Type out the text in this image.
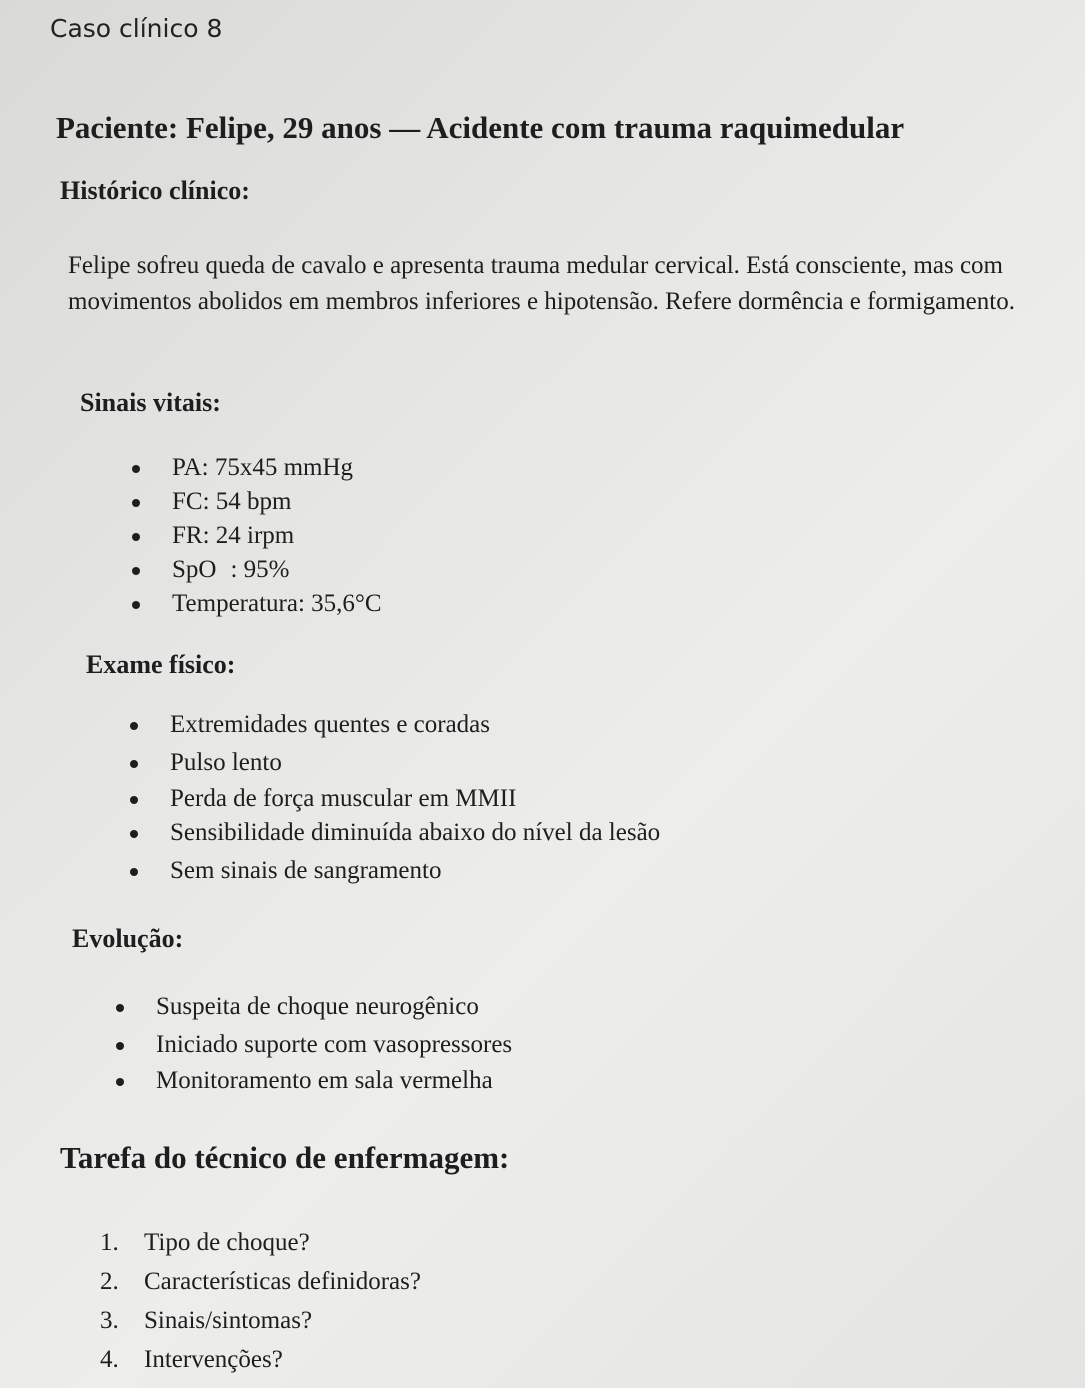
Caso clínico 8
Paciente: Felipe, 29 anos — Acidente com trauma raquimedular
Histórico clínico:
Felipe sofreu queda de cavalo e apresenta trauma medular cervical. Está consciente, mas com movimentos abolidos em membros inferiores e hipotensão. Refere dormência e formigamento.
Sinais vitais:
PA: 75x45 mmHg
FC: 54 bpm
FR: 24 irpm
SpO : 95%
Temperatura: 35,6°C
Exame físico:
Extremidades quentes e coradas
Pulso lento
Perda de força muscular em MMII
Sensibilidade diminuída abaixo do nível da lesão
Sem sinais de sangramento
Evolução:
Suspeita de choque neurogênico
Iniciado suporte com vasopressores
Monitoramento em sala vermelha
Tarefa do técnico de enfermagem:
1. Tipo de choque?
2. Características definidoras?
3. Sinais/sintomas?
4. Intervenções?
